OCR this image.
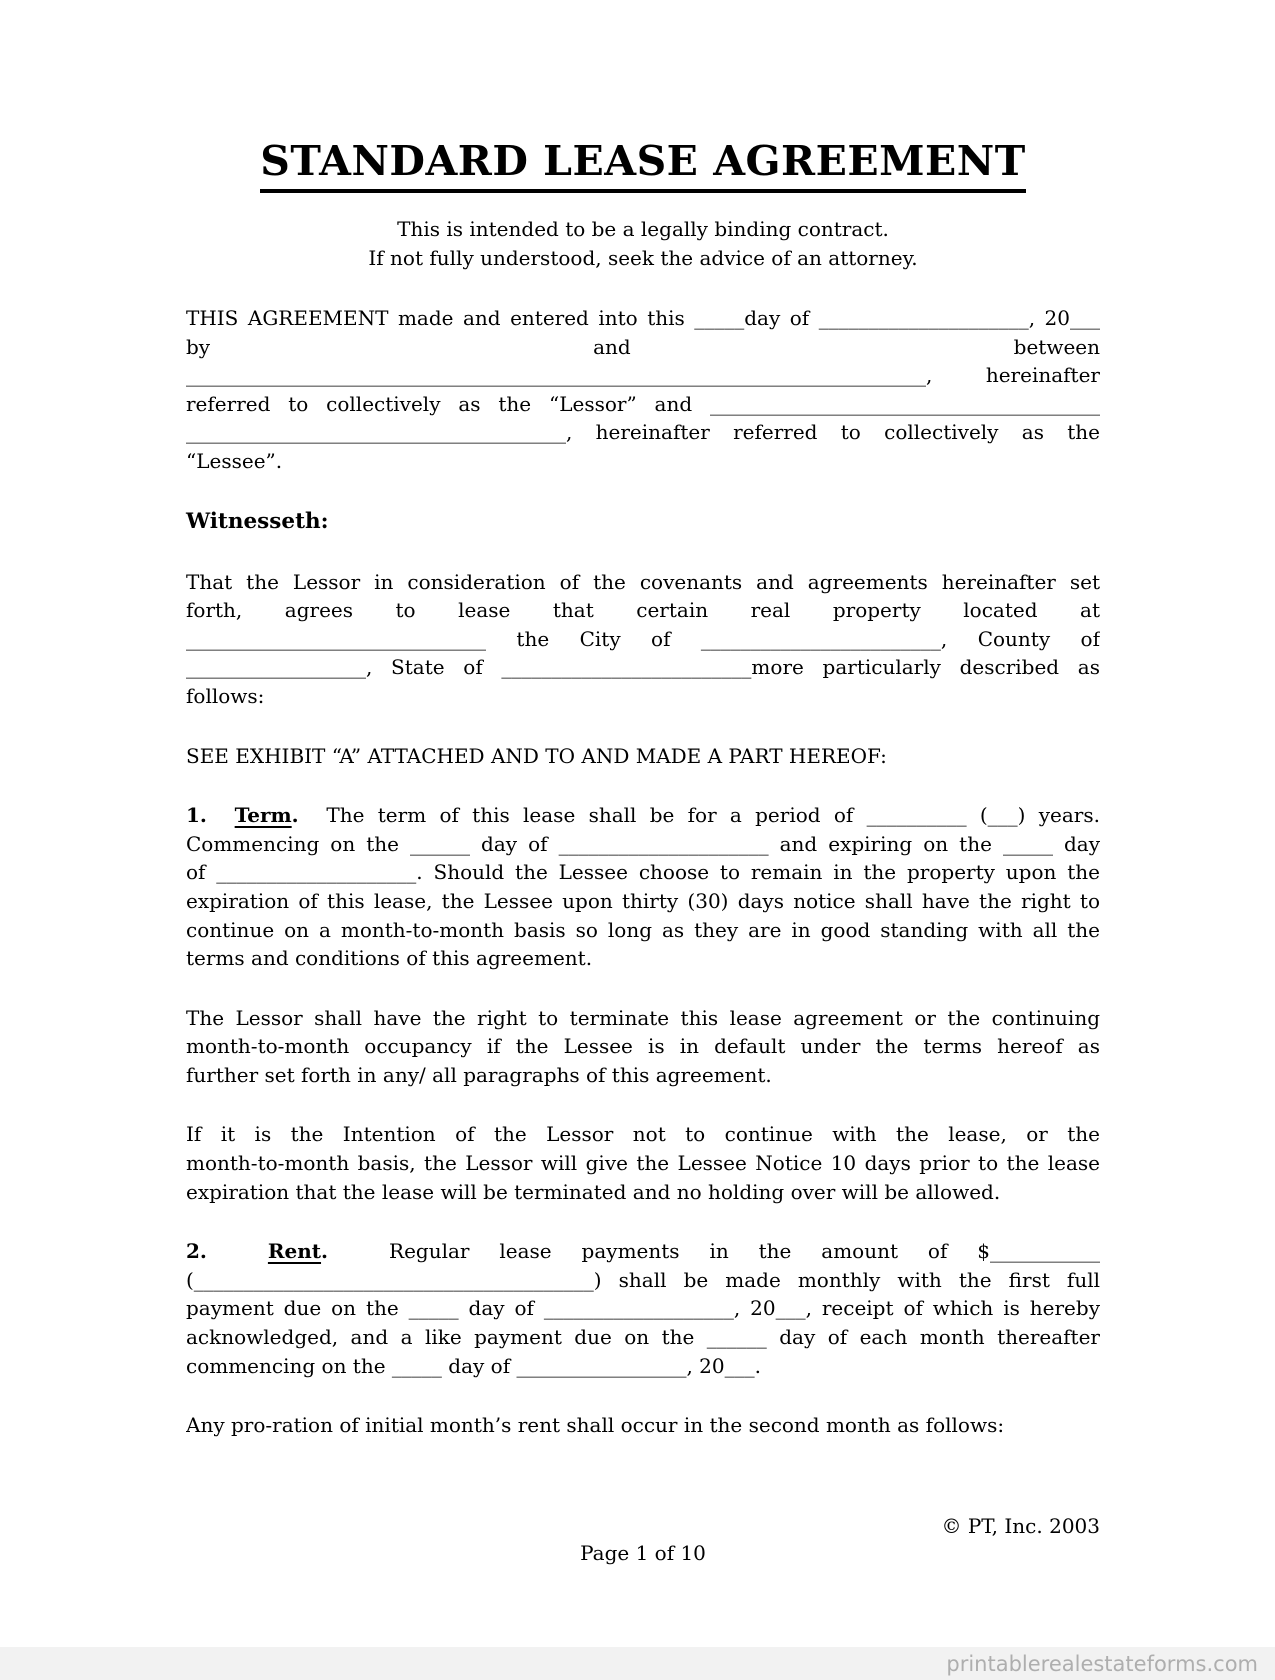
STANDARD LEASE AGREEMENT
This is intended to be a legally binding contract.
If not fully understood, seek the advice of an attorney.
THIS AGREEMENT made and entered into this _____day of _____________________, 20___
by and between
__________________________________________________________________________, hereinafter
referred to collectively as the “Lessor” and _______________________________________
______________________________________, hereinafter referred to collectively as the
“Lessee”.
Witnesseth:
That the Lessor in consideration of the covenants and agreements hereinafter set
forth, agrees to lease that certain real property located at
______________________________ the City of ________________________, County of
__________________, State of _________________________more particularly described as
follows:
SEE EXHIBIT “A” ATTACHED AND TO AND MADE A PART HEREOF:
1.  Term.  The term of this lease shall be for a period of __________ (___) years.
Commencing on the ______ day of _____________________ and expiring on the _____ day
of ____________________. Should the Lessee choose to remain in the property upon the
expiration of this lease, the Lessee upon thirty (30) days notice shall have the right to
continue on a month-to-month basis so long as they are in good standing with all the
terms and conditions of this agreement.
The Lessor shall have the right to terminate this lease agreement or the continuing
month-to-month occupancy if the Lessee is in default under the terms hereof as
further set forth in any/ all paragraphs of this agreement.
If it is the Intention of the Lessor not to continue with the lease, or the
month-to-month basis, the Lessor will give the Lessee Notice 10 days prior to the lease
expiration that the lease will be terminated and no holding over will be allowed.
2.  Rent.  Regular lease payments in the amount of $___________
(________________________________________) shall be made monthly with the first full
payment due on the _____ day of ___________________, 20___, receipt of which is hereby
acknowledged, and a like payment due on the ______ day of each month thereafter
commencing on the _____ day of _________________, 20___.
Any pro-ration of initial month’s rent shall occur in the second month as follows:
© PT, Inc. 2003
Page 1 of 10
printablerealestateforms.com
